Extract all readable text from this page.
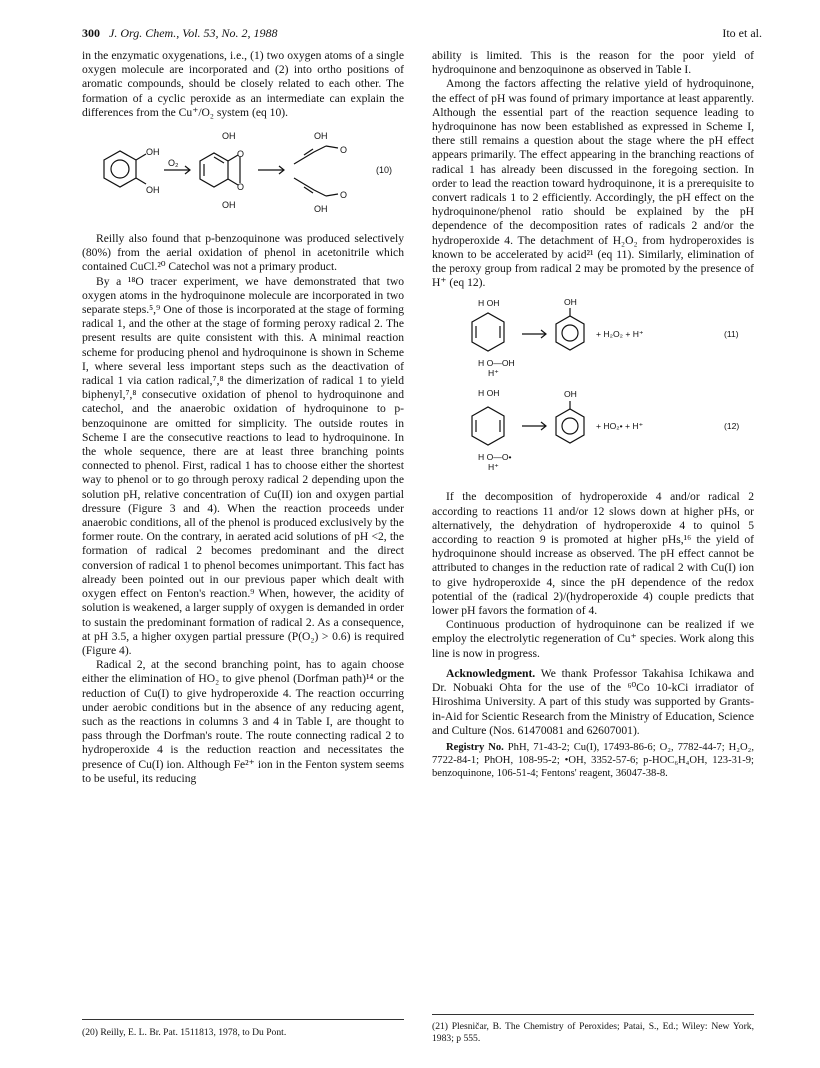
300 J. Org. Chem., Vol. 53, No. 2, 1988	Ito et al.

in the enzymatic oxygenations, i.e., (1) two oxygen atoms of a single oxygen molecule are incorporated and (2) into ortho positions of aromatic compounds, should be closely related to each other. The formation of a cyclic peroxide as an intermediate can explain the differences from the Cu⁺/O₂ system (eq 10).

OH
OH
O₂
OH
O
O
OH
OH
O
O
OH
(10)

Reilly also found that p-benzoquinone was produced selectively (80%) from the aerial oxidation of phenol in acetonitrile which contained CuCl.²⁰ Catechol was not a primary product.

By a ¹⁸O tracer experiment, we have demonstrated that two oxygen atoms in the hydroquinone molecule are incorporated in two separate steps.⁵,⁹ One of those is incorporated at the stage of forming radical 1, and the other at the stage of forming peroxy radical 2. The present results are quite consistent with this. A minimal reaction scheme for producing phenol and hydroquinone is shown in Scheme I, where several less important steps such as the deactivation of radical 1 via cation radical,⁷,⁸ the dimerization of radical 1 to yield biphenyl,⁷,⁸ consecutive oxidation of phenol to hydroquinone and catechol, and the anaerobic oxidation of hydroquinone to p-benzoquinone are omitted for simplicity. The outside routes in Scheme I are the consecutive reactions to lead to hydroquinone. In the whole sequence, there are at least three branching points connected to phenol. First, radical 1 has to choose either the shortest way to phenol or to go through peroxy radical 2 depending upon the solution pH, relative concentration of Cu(II) ion and oxygen partial dressure (Figure 3 and 4). When the reaction proceeds under anaerobic conditions, all of the phenol is produced exclusively by the former route. On the contrary, in aerated acid solutions of pH <2, the formation of radical 2 becomes predominant and the direct conversion of radical 1 to phenol becomes unimportant. This fact has already been pointed out in our previous paper which dealt with oxygen effect on Fenton's reaction.⁹ When, however, the acidity of solution is weakened, a larger supply of oxygen is demanded in order to sustain the predominant formation of radical 2. As a consequence, at pH 3.5, a higher oxygen partial pressure (P(O₂) > 0.6) is required (Figure 4).

Radical 2, at the second branching point, has to again choose either the elimination of HO₂ to give phenol (Dorfman path)¹⁴ or the reduction of Cu(I) to give hydroperoxide 4. The reaction occurring under aerobic conditions but in the absence of any reducing agent, such as the reactions in columns 3 and 4 in Table I, are thought to pass through the Dorfman's route. The route connecting radical 2 to hydroperoxide 4 is the reduction reaction and necessitates the presence of Cu(I) ion. Although Fe²⁺ ion in the Fenton system seems to be useful, its reducing

ability is limited. This is the reason for the poor yield of hydroquinone and benzoquinone as observed in Table I.

Among the factors affecting the relative yield of hydroquinone, the effect of pH was found of primary importance at least apparently. Although the essential part of the reaction sequence leading to hydroquinone has now been established as expressed in Scheme I, there still remains a question about the stage where the pH effect appears primarily. The effect appearing in the branching reactions of radical 1 has already been discussed in the foregoing section. In order to lead the reaction toward hydroquinone, it is a prerequisite to convert radicals 1 to 2 efficiently. Accordingly, the pH effect on the hydroquinone/phenol ratio should be explained by the pH dependence of the decomposition rates of radicals 2 and/or the hydroperoxide 4. The detachment of H₂O₂ from hydroperoxides is known to be accelerated by acid²¹ (eq 11). Similarly, elimination of the peroxy group from radical 2 may be promoted by the presence of H⁺ (eq 12).

H OH	OH
+ H₂O₂ + H⁺	(11)
H O—OH
H⁺
H OH	OH
+ HO₂• + H⁺	(12)
H O—O•
H⁺

If the decomposition of hydroperoxide 4 and/or radical 2 according to reactions 11 and/or 12 slows down at higher pHs, or alternatively, the dehydration of hydroperoxide 4 to quinol 5 according to reaction 9 is promoted at higher pHs,¹⁶ the yield of hydroquinone should increase as observed. The pH effect cannot be attributed to changes in the reduction rate of radical 2 with Cu(I) ion to give hydroperoxide 4, since the pH dependence of the redox potential of the (radical 2)/(hydroperoxide 4) couple predicts that lower pH favors the formation of 4.

Continuous production of hydroquinone can be realized if we employ the electrolytic regeneration of Cu⁺ species. Work along this line is now in progress.

Acknowledgment. We thank Professor Takahisa Ichikawa and Dr. Nobuaki Ohta for the use of the ⁶⁰Co 10-kCi irradiator of Hiroshima University. A part of this study was supported by Grants-in-Aid for Scientic Research from the Ministry of Education, Science and Culture (Nos. 61470081 and 62607001).

Registry No. PhH, 71-43-2; Cu(I), 17493-86-6; O₂, 7782-44-7; H₂O₂, 7722-84-1; PhOH, 108-95-2; •OH, 3352-57-6; p-HOC₆H₄OH, 123-31-9; benzoquinone, 106-51-4; Fentons' reagent, 36047-38-8.

(20) Reilly, E. L. Br. Pat. 1511813, 1978, to Du Pont.
(21) Plesničar, B. The Chemistry of Peroxides; Patai, S., Ed.; Wiley: New York, 1983; p 555.
